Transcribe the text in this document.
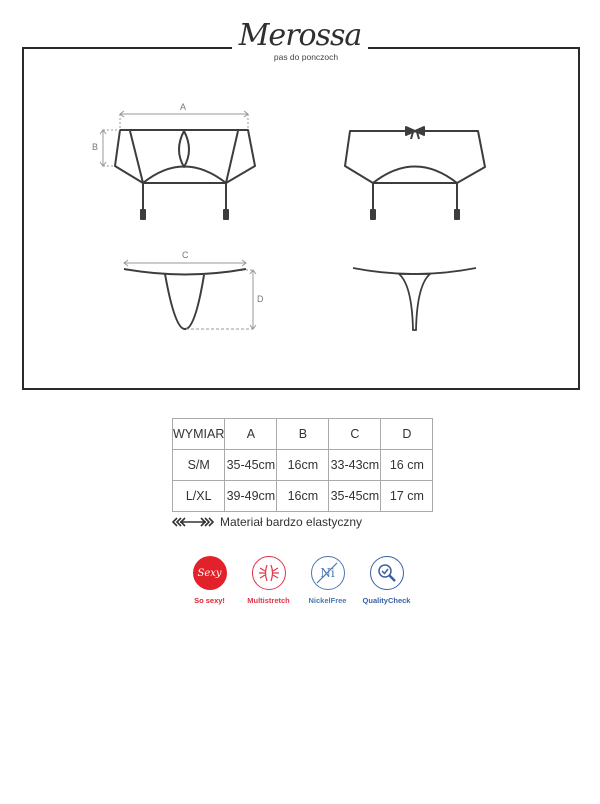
Merossa
pas do ponczoch
A
B
C
D
WYMIAR	A	B	C	D
S/M	35-45cm	16cm	33-43cm	16 cm
L/XL	39-49cm	16cm	35-45cm	17 cm
Materiał bardzo elastyczny
Sexy
So sexy!	Multistretch
Ni
NickelFree QualityCheck
